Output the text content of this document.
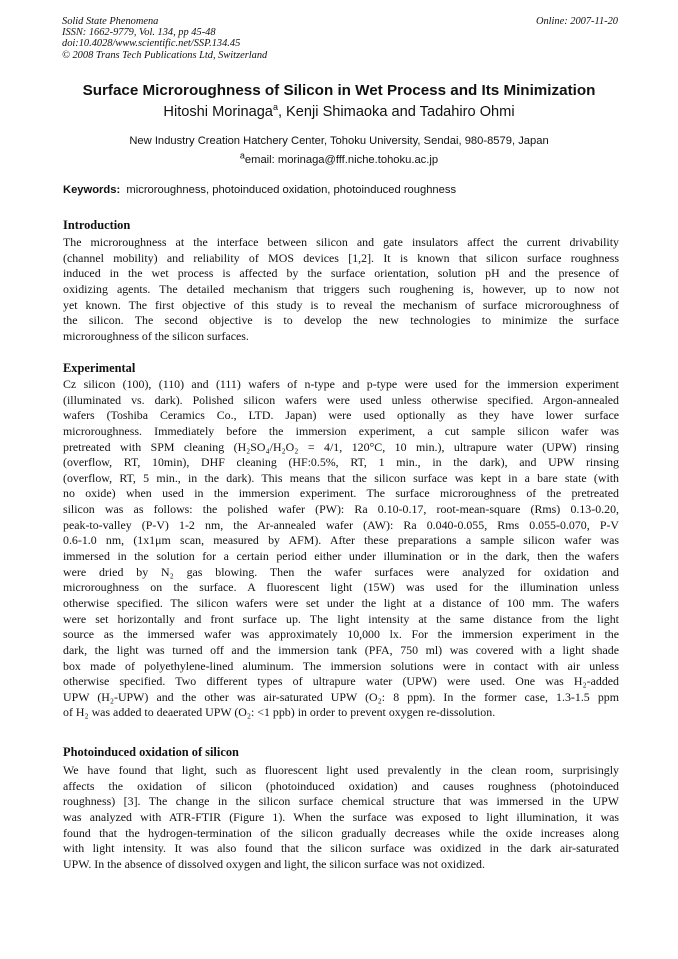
Solid State Phenomena
ISSN: 1662-9779, Vol. 134, pp 45-48
doi:10.4028/www.scientific.net/SSP.134.45
© 2008 Trans Tech Publications Ltd, Switzerland
Online: 2007-11-20
Surface Microroughness of Silicon in Wet Process and Its Minimization
Hitoshi Morinaga$^a$, Kenji Shimaoka and Tadahiro Ohmi
New Industry Creation Hatchery Center, Tohoku University, Sendai, 980-8579, Japan
$^a$email: morinaga@fff.niche.tohoku.ac.jp
Keywords: microroughness, photoinduced oxidation, photoinduced roughness
Introduction
The microroughness at the interface between silicon and gate insulators affect the current drivability
(channel mobility) and reliability of MOS devices [1,2]. It is known that silicon surface roughness
induced in the wet process is affected by the surface orientation, solution pH and the presence of
oxidizing agents. The detailed mechanism that triggers such roughening is, however, up to now not
yet known. The first objective of this study is to reveal the mechanism of surface microroughness of
the silicon. The second objective is to develop the new technologies to minimize the surface
microroughness of the silicon surfaces.
Experimental
Cz silicon (100), (110) and (111) wafers of n-type and p-type were used for the immersion experiment
(illuminated vs. dark). Polished silicon wafers were used unless otherwise specified. Argon-annealed
wafers (Toshiba Ceramics Co., LTD. Japan) were used optionally as they have lower surface
microroughness. Immediately before the immersion experiment, a cut sample silicon wafer was
pretreated with SPM cleaning (H₂SO₄/H₂O₂ = 4/1, 120°C, 10 min.), ultrapure water (UPW) rinsing
(overflow, RT, 10min), DHF cleaning (HF:0.5%, RT, 1 min., in the dark), and UPW rinsing
(overflow, RT, 5 min., in the dark). This means that the silicon surface was kept in a bare state (with
no oxide) when used in the immersion experiment. The surface microroughness of the pretreated
silicon was as follows: the polished wafer (PW): Ra 0.10-0.17, root-mean-square (Rms) 0.13-0.20,
peak-to-valley (P-V) 1-2 nm, the Ar-annealed wafer (AW): Ra 0.040-0.055, Rms 0.055-0.070, P-V
0.6-1.0 nm, (1x1μm scan, measured by AFM). After these preparations a sample silicon wafer was
immersed in the solution for a certain period either under illumination or in the dark, then the wafers
were dried by N₂ gas blowing. Then the wafer surfaces were analyzed for oxidation and
microroughness on the surface. A fluorescent light (15W) was used for the illumination unless
otherwise specified. The silicon wafers were set under the light at a distance of 100 mm. The wafers
were set horizontally and front surface up. The light intensity at the same distance from the light
source as the immersed wafer was approximately 10,000 lx. For the immersion experiment in the
dark, the light was turned off and the immersion tank (PFA, 750 ml) was covered with a light shade
box made of polyethylene-lined aluminum. The immersion solutions were in contact with air unless
otherwise specified. Two different types of ultrapure water (UPW) were used. One was H₂-added
UPW (H₂-UPW) and the other was air-saturated UPW (O₂: 8 ppm). In the former case, 1.3-1.5 ppm
of H₂ was added to deaerated UPW (O₂: <1 ppb) in order to prevent oxygen re-dissolution.
Photoinduced oxidation of silicon
We have found that light, such as fluorescent light used prevalently in the clean room, surprisingly
affects the oxidation of silicon (photoinduced oxidation) and causes roughness (photoinduced
roughness) [3]. The change in the silicon surface chemical structure that was immersed in the UPW
was analyzed with ATR-FTIR (Figure 1). When the surface was exposed to light illumination, it was
found that the hydrogen-termination of the silicon gradually decreases while the oxide increases along
with light intensity. It was also found that the silicon surface was oxidized in the dark air-saturated
UPW. In the absence of dissolved oxygen and light, the silicon surface was not oxidized.
